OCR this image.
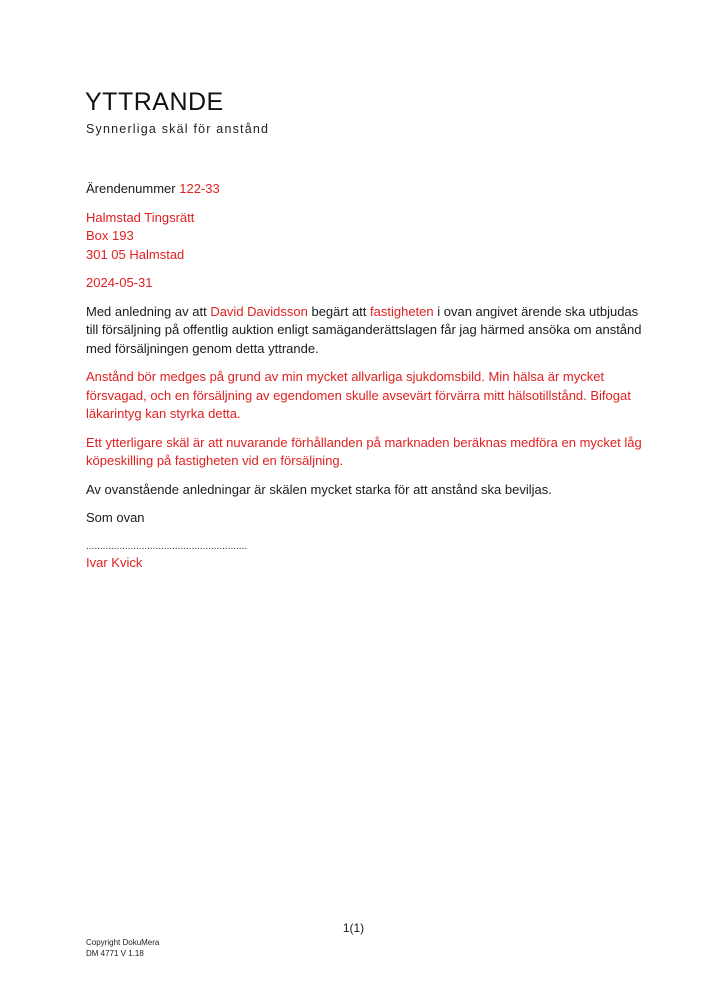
YTTRANDE
Synnerliga skäl för anstånd

Ärendenummer 122-33

Halmstad Tingsrätt
Box 193
301 05 Halmstad

2024-05-31

Med anledning av att David Davidsson begärt att fastigheten i ovan angivet ärende ska utbjudas till försäljning på offentlig auktion enligt samäganderättslagen får jag härmed ansöka om anstånd med försäljningen genom detta yttrande.

Anstånd bör medges på grund av min mycket allvarliga sjukdomsbild. Min hälsa är mycket försvagad, och en försäljning av egendomen skulle avsevärt förvärra mitt hälsotillstånd. Bifogat läkarintyg kan styrka detta.

Ett ytterligare skäl är att nuvarande förhållanden på marknaden beräknas medföra en mycket låg köpeskilling på fastigheten vid en försäljning.

Av ovanstående anledningar är skälen mycket starka för att anstånd ska beviljas.

Som ovan

..........................................................
Ivar Kvick

1(1)
Copyright DokuMera
DM 4771 V 1.18
